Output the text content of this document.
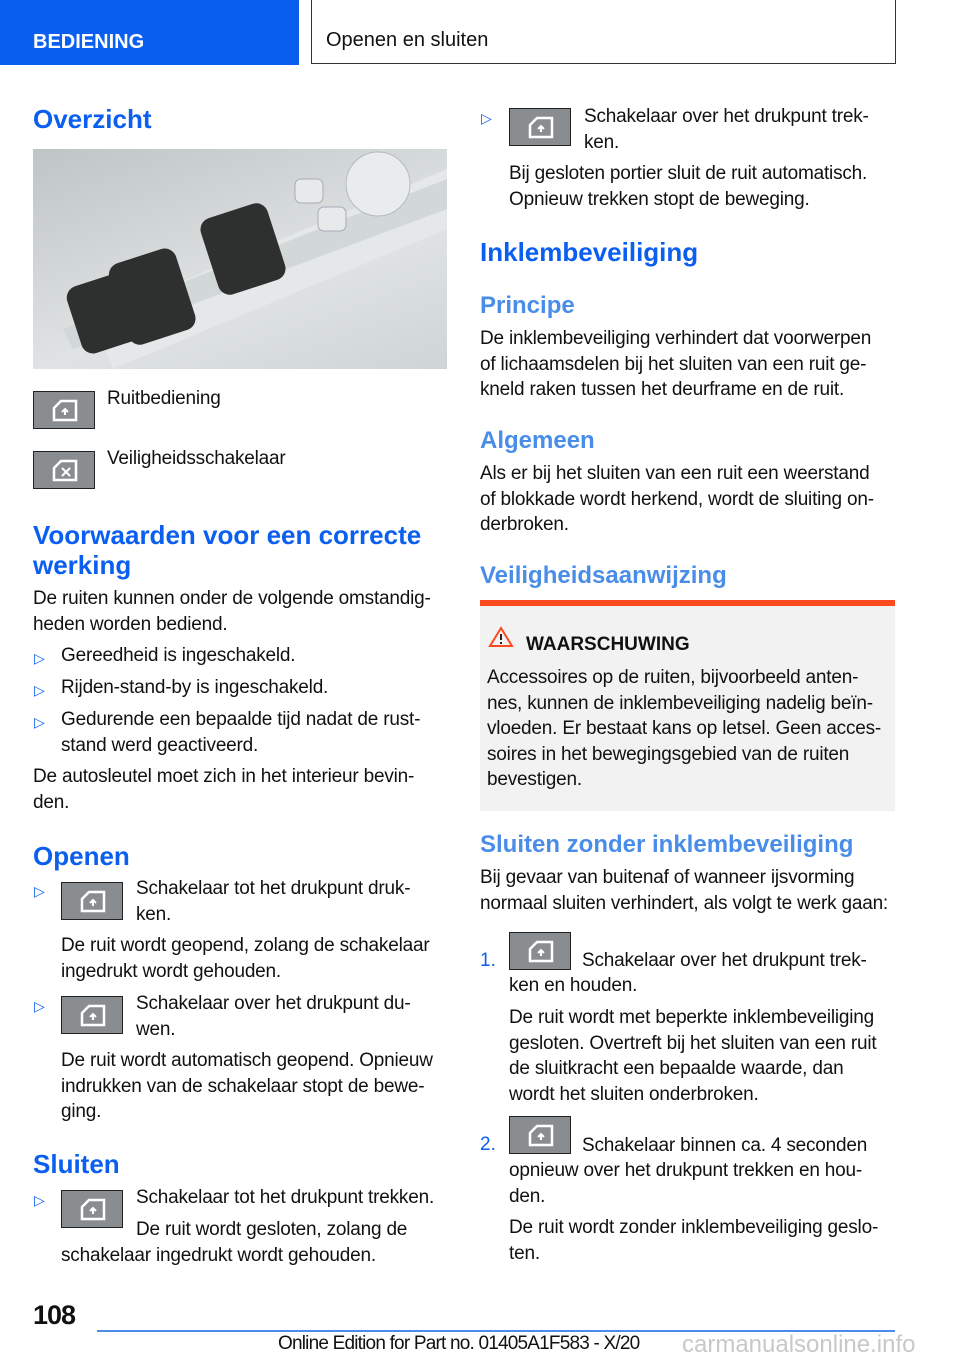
BEDIENING	Openen en sluiten
Overzicht

Ruitbediening

Veiligheidsschakelaar

Voorwaarden voor een correcte
werking

De ruiten kunnen onder de volgende omstandig-
heden worden bediend.

▷ Gereedheid is ingeschakeld.

▷ Rijden-stand-by is ingeschakeld.

▷ Gedurende een bepaalde tijd nadat de rust-
stand werd geactiveerd.

De autosleutel moet zich in het interieur bevin-
den.

Openen
▷	Schakelaar tot het drukpunt druk-
ken.

De ruit wordt geopend, zolang de schakelaar
ingedrukt wordt gehouden.

▷	Schakelaar over het drukpunt du-
wen.

De ruit wordt automatisch geopend. Opnieuw
indrukken van de schakelaar stopt de bewe-
ging.

Sluiten
▷	Schakelaar tot het drukpunt trekken.

De ruit wordt gesloten, zolang de

schakelaar ingedrukt wordt gehouden.

▷	Schakelaar over het drukpunt trek-
ken.

Bij gesloten portier sluit de ruit automatisch.
Opnieuw trekken stopt de beweging.

Inklembeveiliging
Principe

De inklembeveiliging verhindert dat voorwerpen
of lichaamsdelen bij het sluiten van een ruit ge-
kneld raken tussen het deurframe en de ruit.

Algemeen

Als er bij het sluiten van een ruit een weerstand
of blokkade wordt herkend, wordt de sluiting on-
derbroken.

Veiligheidsaanwijzing
WAARSCHUWING

Accessoires op de ruiten, bijvoorbeeld anten-
nes, kunnen de inklembeveiliging nadelig beïn-
vloeden. Er bestaat kans op letsel. Geen acces-
soires in het bewegingsgebied van de ruiten
bevestigen.

Sluiten zonder inklembeveiliging

Bij gevaar van buitenaf of wanneer ijsvorming
normaal sluiten verhindert, als volgt te werk gaan:

1.	Schakelaar over het drukpunt trek-

ken en houden.

De ruit wordt met beperkte inklembeveiliging
gesloten. Overtreft bij het sluiten van een ruit
de sluitkracht een bepaalde waarde, dan
wordt het sluiten onderbroken.

2.	Schakelaar binnen ca. 4 seconden

opnieuw over het drukpunt trekken en hou-
den.

De ruit wordt zonder inklembeveiliging geslo-
ten.

108
Online Edition for Part no. 01405A1F583 - X/20 carmanualsonline.info
